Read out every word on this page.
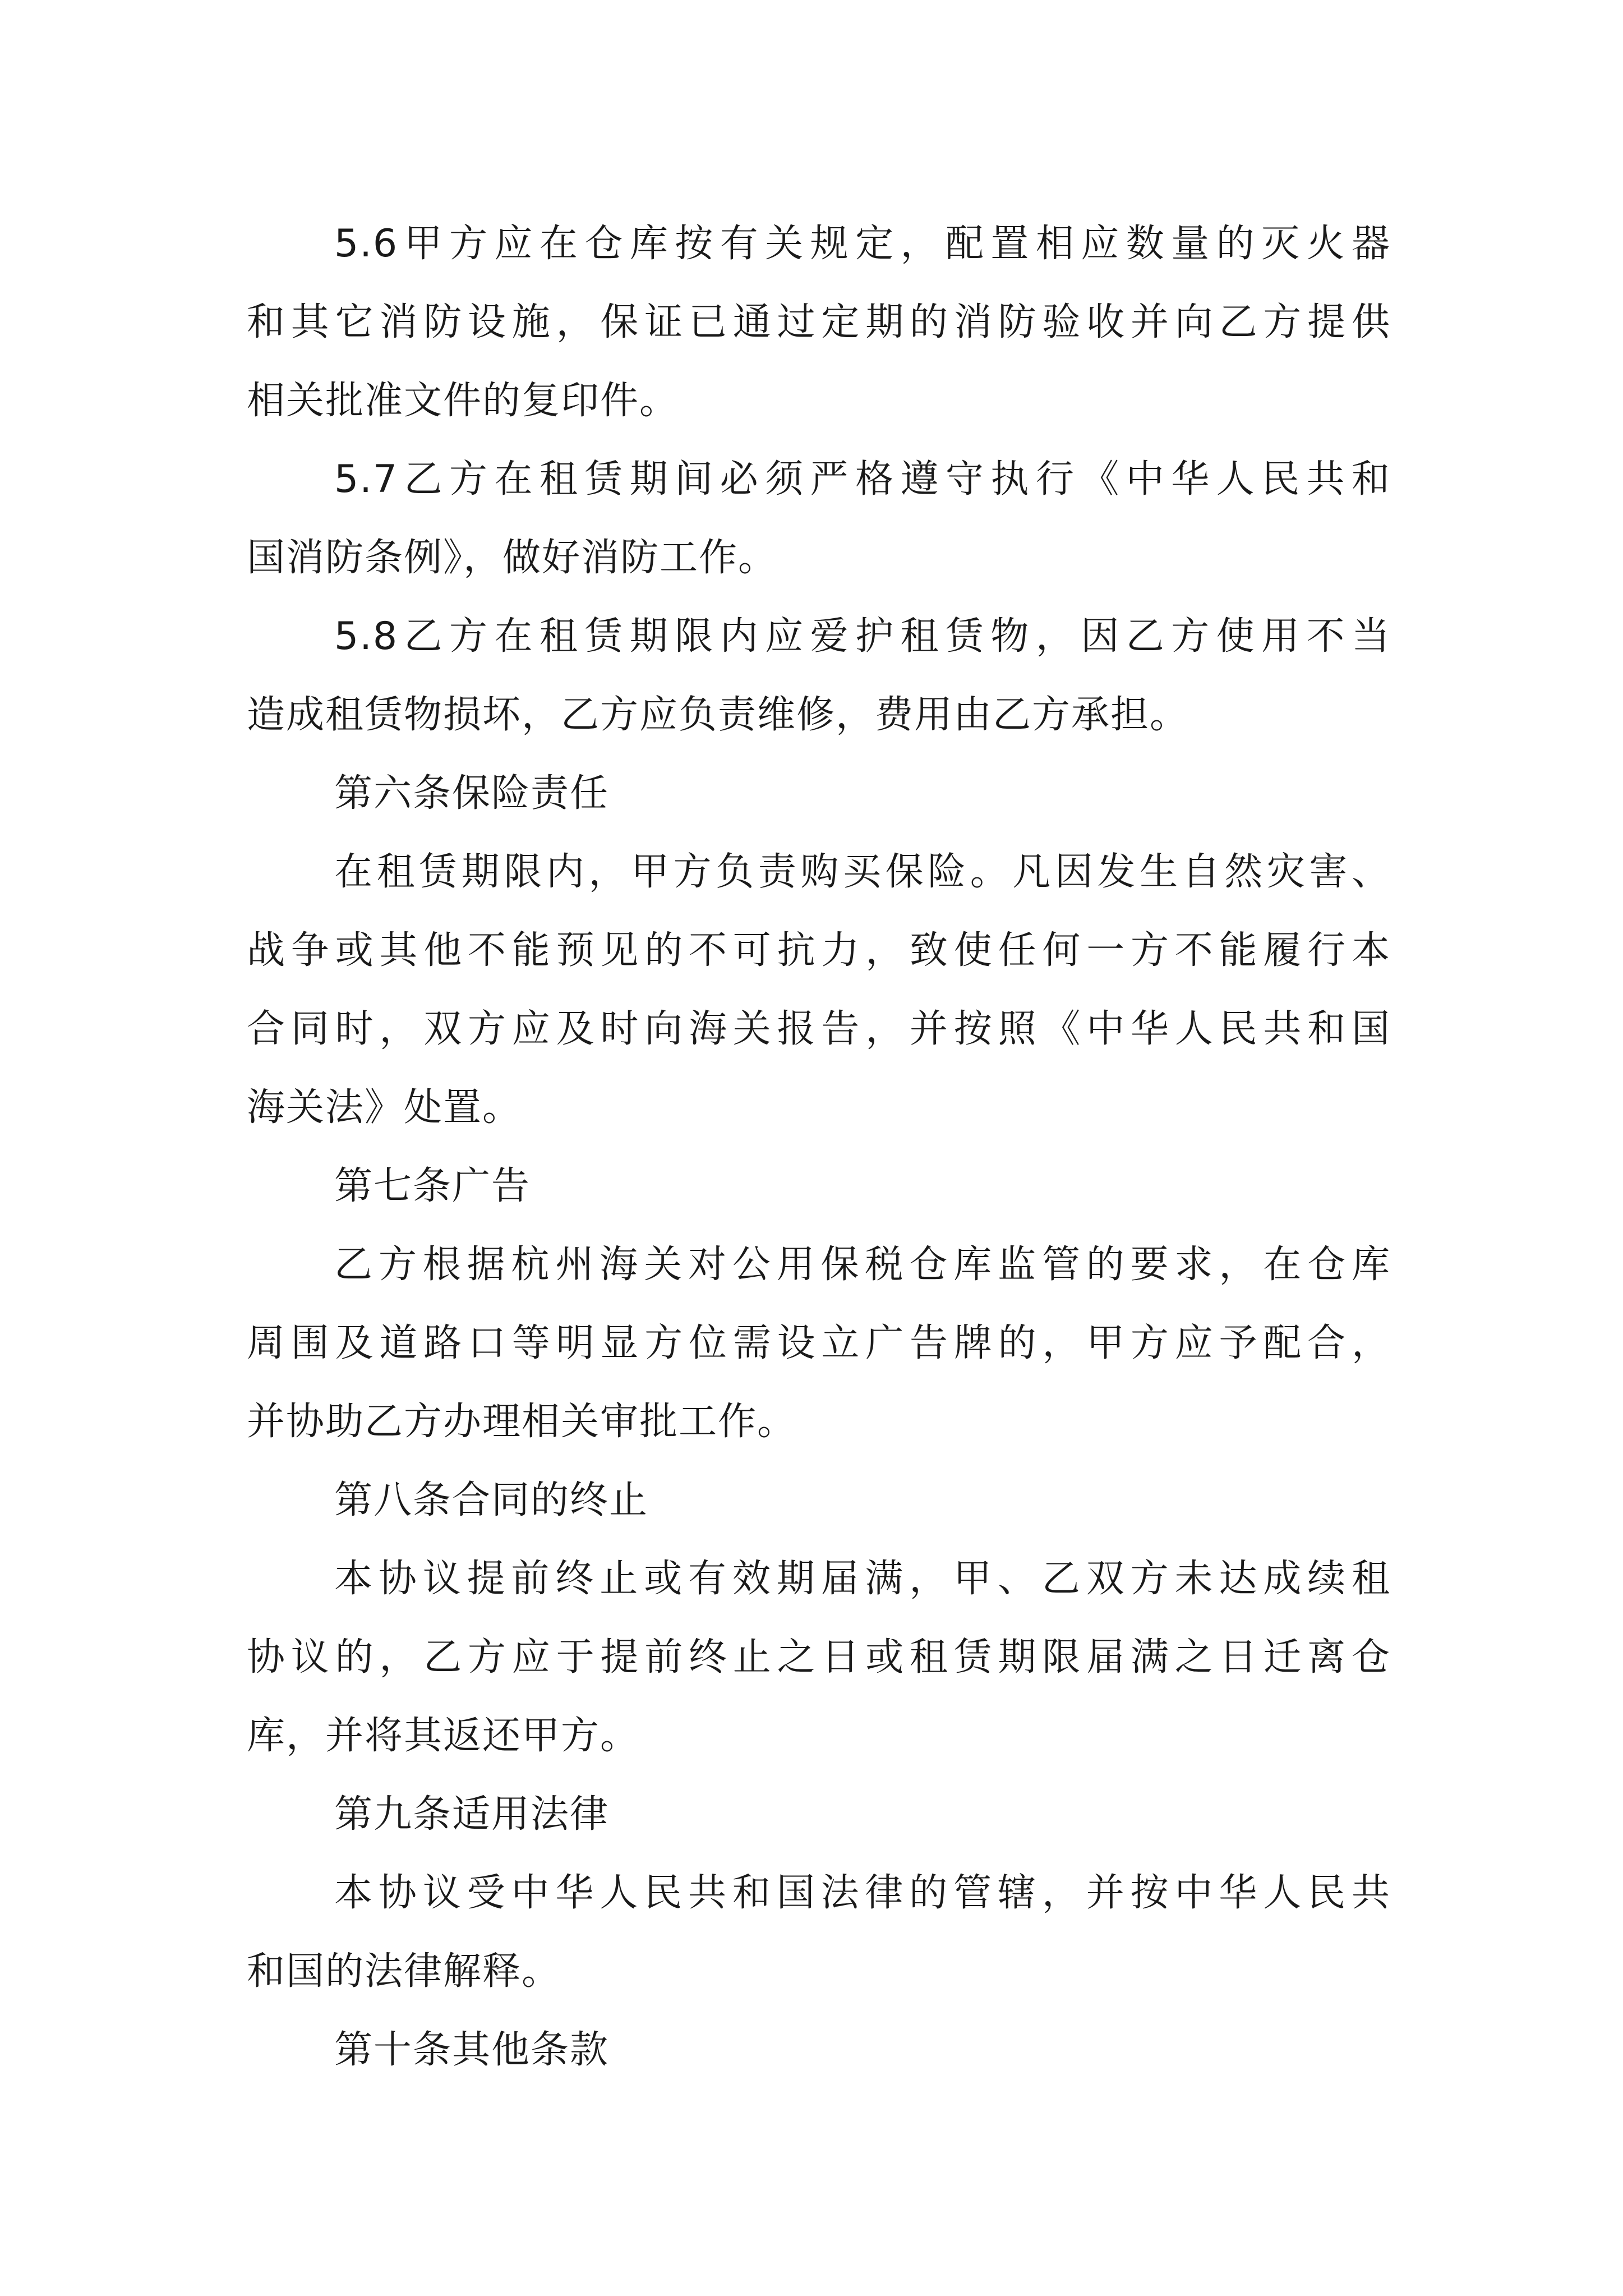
5.6甲方应在仓库按有关规定，配置相应数量的灭火器

和其它消防设施，保证已通过定期的消防验收并向乙方提供

相关批准文件的复印件。

5.7乙方在租赁期间必须严格遵守执行《中华人民共和

国消防条例》，做好消防工作。

5.8乙方在租赁期限内应爱护租赁物，因乙方使用不当

造成租赁物损坏，乙方应负责维修，费用由乙方承担。

第六条保险责任

在租赁期限内，甲方负责购买保险。凡因发生自然灾害、

战争或其他不能预见的不可抗力，致使任何一方不能履行本

合同时，双方应及时向海关报告，并按照《中华人民共和国

海关法》处置。

第七条广告

乙方根据杭州海关对公用保税仓库监管的要求，在仓库

周围及道路口等明显方位需设立广告牌的，甲方应予配合，

并协助乙方办理相关审批工作。

第八条合同的终止

本协议提前终止或有效期届满，甲、乙双方未达成续租

协议的，乙方应于提前终止之日或租赁期限届满之日迁离仓

库，并将其返还甲方。

第九条适用法律

本协议受中华人民共和国法律的管辖，并按中华人民共

和国的法律解释。

第十条其他条款
